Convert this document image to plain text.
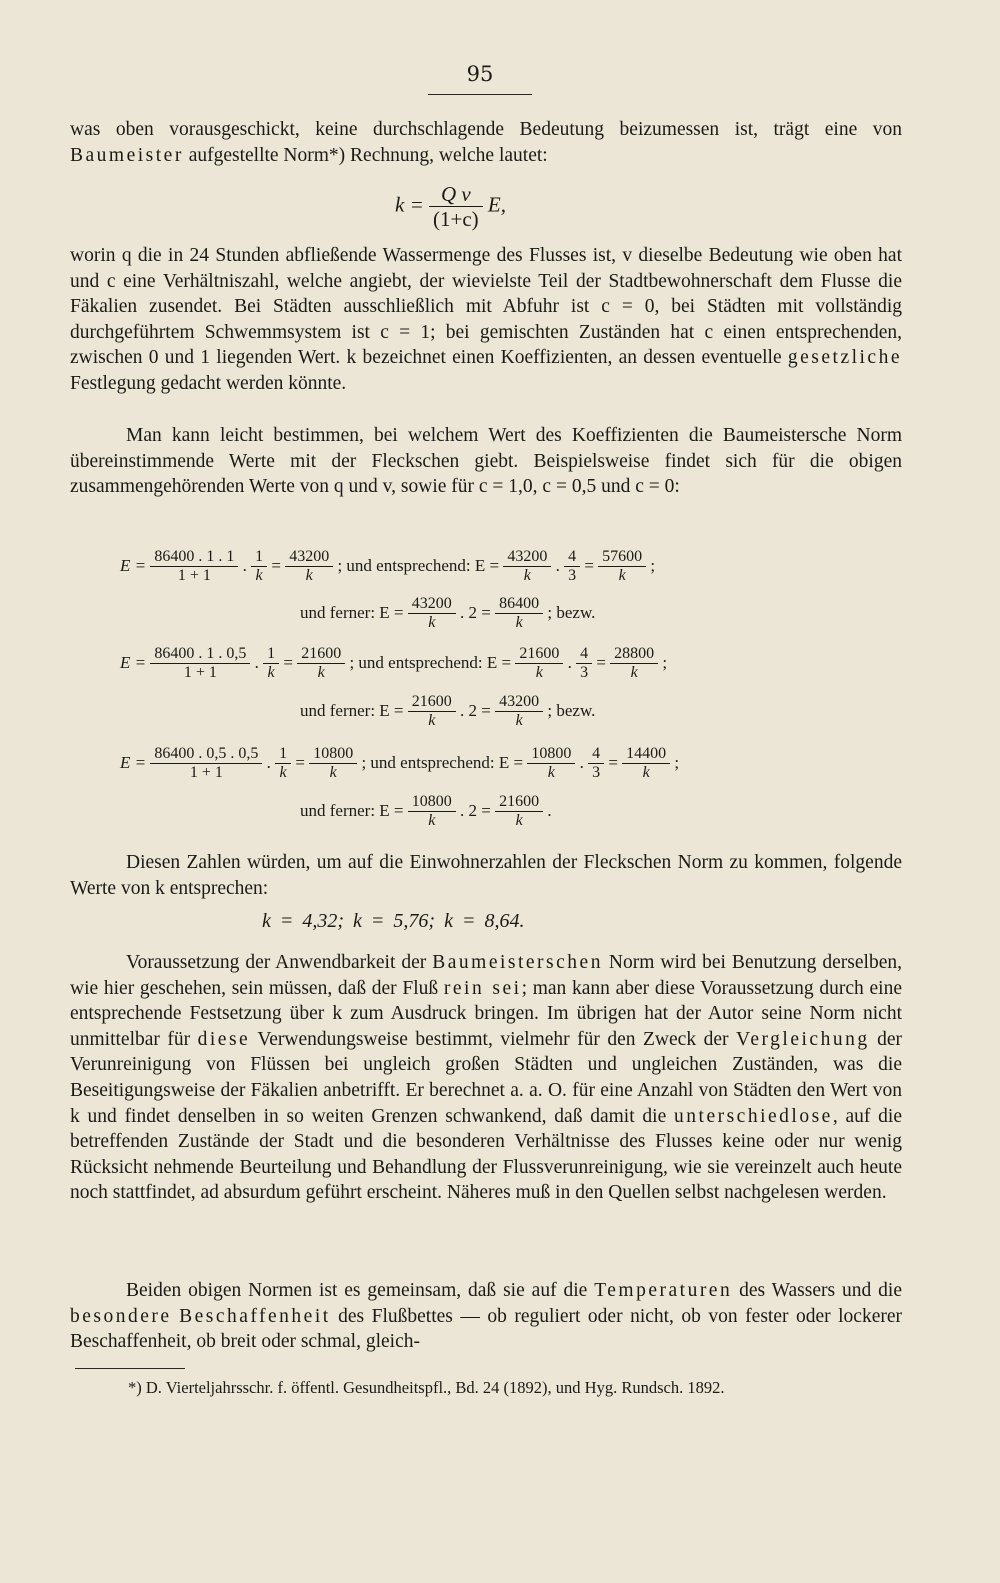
95

was oben vorausgeschickt, keine durchschlagende Bedeutung beizumessen ist, trägt eine von Baumeister aufgestellte Norm*) Rechnung, welche lautet:

$k = \frac{\text{Q v}}{(1+c)} E$,

worin q die in 24 Stunden abfließende Wassermenge des Flusses ist, v dieselbe Bedeutung wie oben hat und c eine Verhältniszahl, welche angiebt, der wievielste Teil der Stadtbewohnerschaft dem Flusse die Fäkalien zusendet. Bei Städten ausschließlich mit Abfuhr ist c = 0, bei Städten mit vollständig durchgeführtem Schwemmsystem ist c = 1; bei gemischten Zuständen hat c einen entsprechenden, zwischen 0 und 1 liegenden Wert. k bezeichnet einen Koeffizienten, an dessen eventuelle gesetzliche Festlegung gedacht werden könnte.

Man kann leicht bestimmen, bei welchem Wert des Koeffizienten die Baumeistersche Norm übereinstimmende Werte mit der Fleckschen giebt. Beispielsweise findet sich für die obigen zusammengehörenden Werte von q und v, sowie für c = 1,0, c = 0,5 und c = 0:

$E = \frac{86400 . 1 . 1}{1 + 1}$ . $\frac{1}{k} = \frac{43200}{k}$ ; und entsprechend: $E = \frac{43200}{k}$ . $\frac{4}{3} = \frac{57600}{k}$ ;
und ferner: $E = \frac{43200}{k}$ . $2 = \frac{86400}{k}$ ; bezw.
$E = \frac{86400 . 1 . 0,5}{1 + 1}$ . $\frac{1}{k} = \frac{21600}{k}$ ; und entsprechend: $E = \frac{21600}{k}$ . $\frac{4}{3} = \frac{28800}{k}$ ;
und ferner: $E = \frac{21600}{k}$ . $2 = \frac{43200}{k}$ ; bezw.
$E = \frac{86400 . 0,5 . 0,5}{1 + 1}$ . $\frac{1}{k} = \frac{10800}{k}$ ; und entsprechend: $E = \frac{10800}{k}$ . $\frac{4}{3} = \frac{14400}{k}$ ;
und ferner: $E = \frac{10800}{k}$ . $2 = \frac{21600}{k}$ .

Diesen Zahlen würden, um auf die Einwohnerzahlen der Fleckschen Norm zu kommen, folgende Werte von k entsprechen:

k = 4,32; k = 5,76; k = 8,64.

Voraussetzung der Anwendbarkeit der Baumeisterschen Norm wird bei Benutzung derselben, wie hier geschehen, sein müssen, daß der Fluß rein sei; man kann aber diese Voraussetzung durch eine entsprechende Festsetzung über k zum Ausdruck bringen. Im übrigen hat der Autor seine Norm nicht unmittelbar für diese Verwendungsweise bestimmt, vielmehr für den Zweck der Vergleichung der Verunreinigung von Flüssen bei ungleich großen Städten und ungleichen Zuständen, was die Beseitigungsweise der Fäkalien anbetrifft. Er berechnet a. a. O. für eine Anzahl von Städten den Wert von k und findet denselben in so weiten Grenzen schwankend, daß damit die unterschiedlose, auf die betreffenden Zustände der Stadt und die besonderen Verhältnisse des Flusses keine oder nur wenig Rücksicht nehmende Beurteilung und Behandlung der Flussverunreinigung, wie sie vereinzelt auch heute noch stattfindet, ad absurdum geführt erscheint. Näheres muß in den Quellen selbst nachgelesen werden.

Beiden obigen Normen ist es gemeinsam, daß sie auf die Temperaturen des Wassers und die besondere Beschaffenheit des Flußbettes — ob reguliert oder nicht, ob von fester oder lockerer Beschaffenheit, ob breit oder schmal, gleich-

*) D. Vierteljahrsschr. f. öffentl. Gesundheitspfl., Bd. 24 (1892), und Hyg. Rundsch. 1892.
